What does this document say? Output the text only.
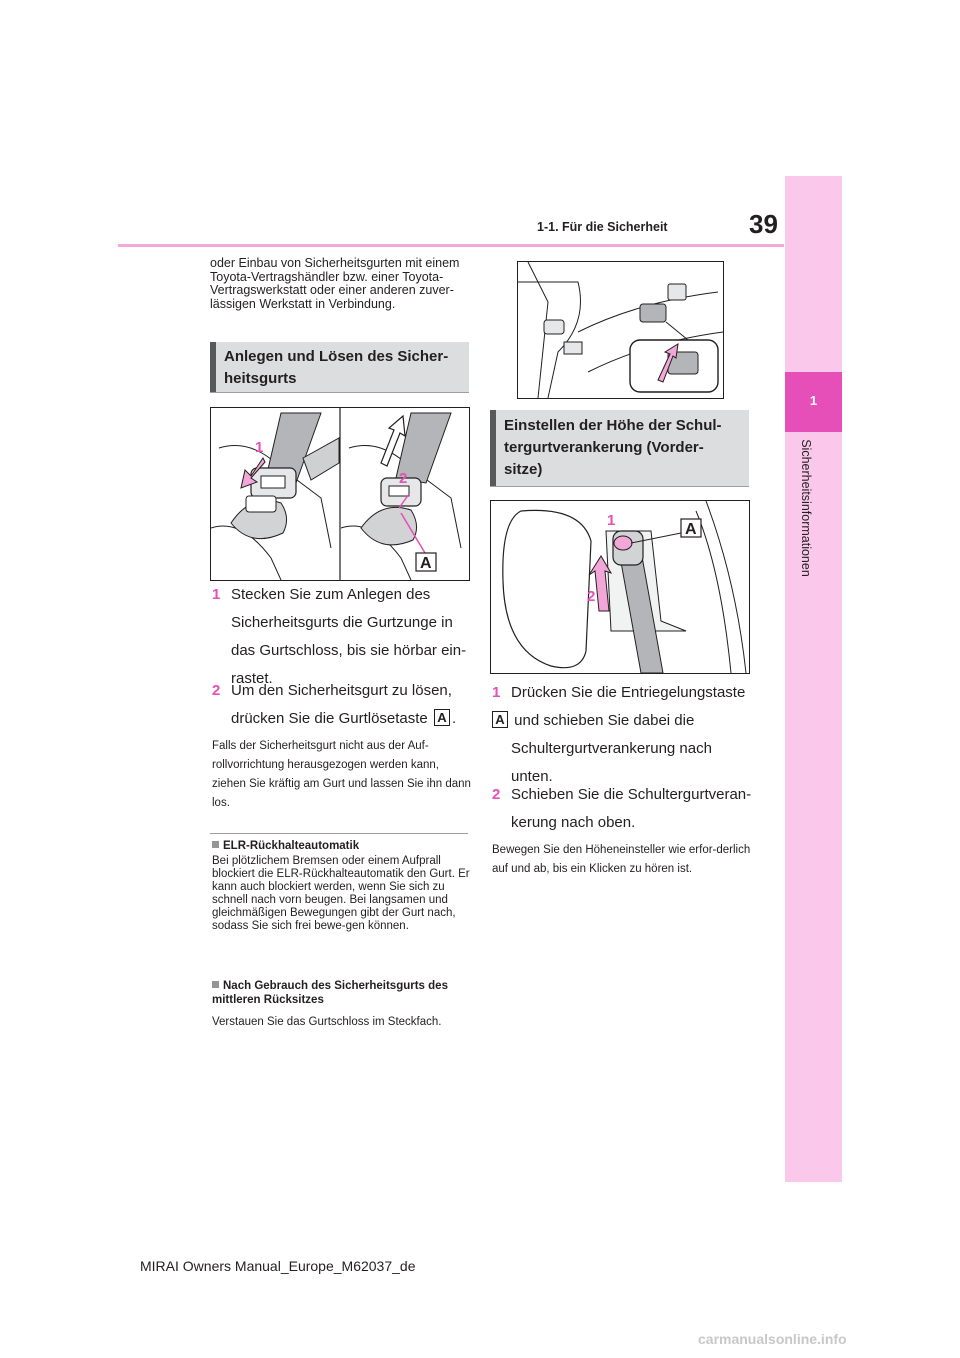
39
1-1. Für die Sicherheit
1
Sicherheitsinformationen
oder Einbau von Sicherheitsgurten mit einem Toyota-Vertragshändler bzw. einer Toyota-Vertragswerkstatt oder einer anderen zuver-lässigen Werkstatt in Verbindung.
Anlegen und Lösen des Sicher-
heitsgurts
1
2
A
1 Stecken Sie zum Anlegen des Sicherheitsgurts die Gurtzunge in das Gurtschloss, bis sie hörbar ein-rastet.
2 Um den Sicherheitsgurt zu lösen, drücken Sie die Gurtlösetaste A .
Falls der Sicherheitsgurt nicht aus der Auf-rollvorrichtung herausgezogen werden kann, ziehen Sie kräftig am Gurt und lassen Sie ihn dann los.
ELR-Rückhalteautomatik
Bei plötzlichem Bremsen oder einem Aufprall blockiert die ELR-Rückhalteautomatik den Gurt. Er kann auch blockiert werden, wenn Sie sich zu schnell nach vorn beugen. Bei langsamen und gleichmäßigen Bewegungen gibt der Gurt nach, sodass Sie sich frei bewe-gen können.
Nach Gebrauch des Sicherheitsgurts des mittleren Rücksitzes
Verstauen Sie das Gurtschloss im Steckfach.
Einstellen der Höhe der Schul-
tergurtverankerung (Vorder-
sitze)
1
2
A
1 Drücken Sie die Entriegelungstaste
A und schieben Sie dabei die Schultergurtverankerung nach unten.
2 Schieben Sie die Schultergurtveran-kerung nach oben.
Bewegen Sie den Höheneinsteller wie erfor-derlich auf und ab, bis ein Klicken zu hören ist.
MIRAI Owners Manual_Europe_M62037_de
carmanualsonline.info
